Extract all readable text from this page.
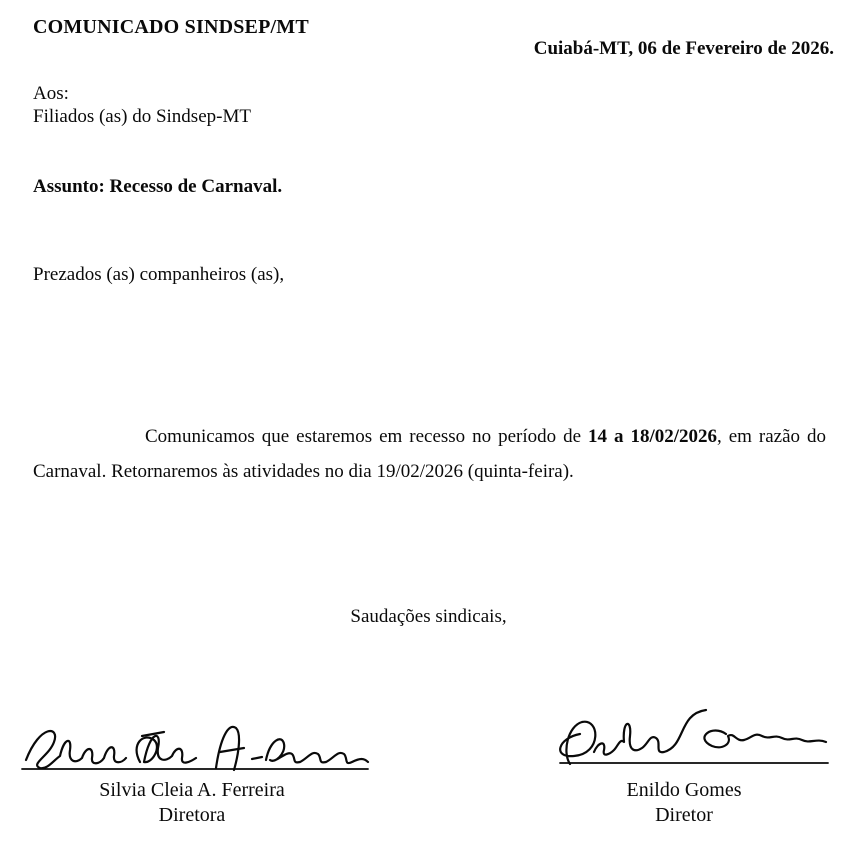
COMUNICADO SINDSEP/MT
Cuiabá-MT, 06 de Fevereiro de 2026.
Aos:
Filiados (as) do Sindsep-MT
Assunto: Recesso de Carnaval.
Prezados (as) companheiros (as),

Comunicamos que estaremos em recesso no período de 14 a 18/02/2026, em razão do Carnaval. Retornaremos às atividades no dia 19/02/2026 (quinta-feira).

Saudações sindicais,
Silvia Cleia A. Ferreira
Diretora
Enildo Gomes
Diretor
